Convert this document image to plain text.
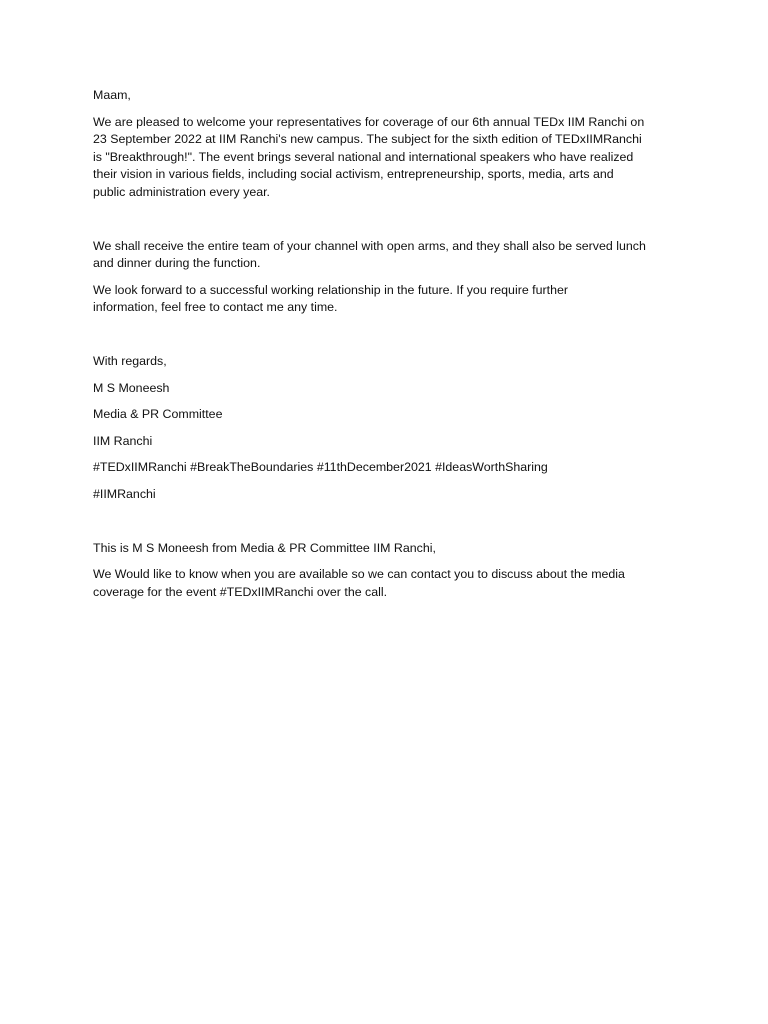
Maam,

We are pleased to welcome your representatives for coverage of our 6th annual TEDx IIM Ranchi on
23 September 2022 at IIM Ranchi's new campus. The subject for the sixth edition of TEDxIIMRanchi
is "Breakthrough!". The event brings several national and international speakers who have realized
their vision in various fields, including social activism, entrepreneurship, sports, media, arts and
public administration every year.

We shall receive the entire team of your channel with open arms, and they shall also be served lunch
and dinner during the function.

We look forward to a successful working relationship in the future. If you require further
information, feel free to contact me any time.

With regards,

M S Moneesh

Media & PR Committee

IIM Ranchi

#TEDxIIMRanchi #BreakTheBoundaries #11thDecember2021 #IdeasWorthSharing

#IIMRanchi

This is M S Moneesh from Media & PR Committee IIM Ranchi,

We Would like to know when you are available so we can contact you to discuss about the media
coverage for the event #TEDxIIMRanchi over the call.
